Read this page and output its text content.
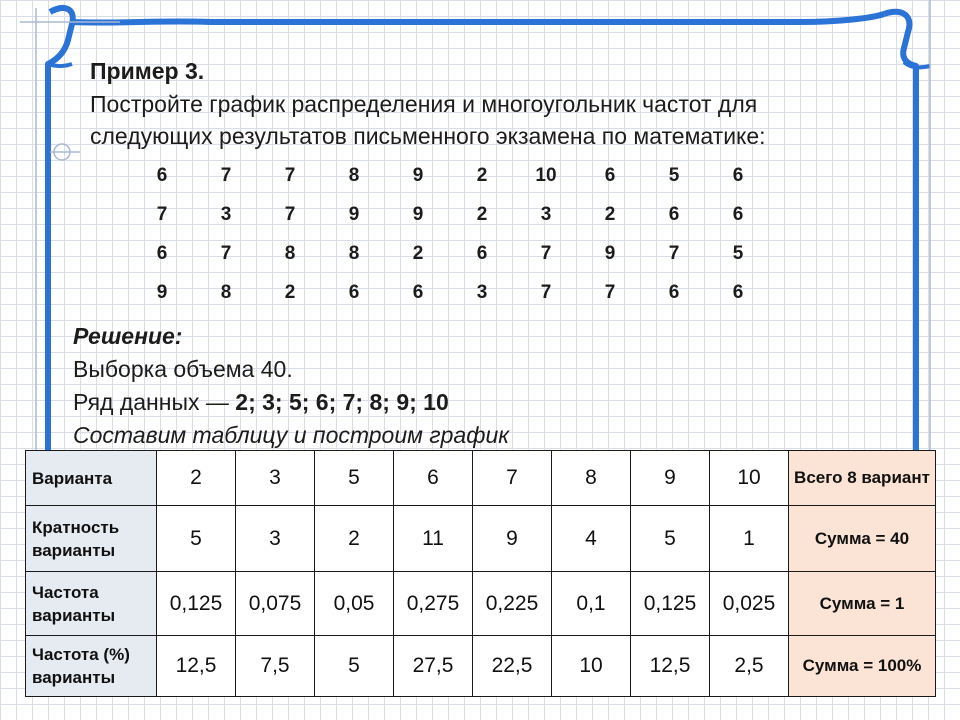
Пример 3.

Постройте график распределения и многоугольник частот для следующих результатов письменного экзамена по математике:

6	7	7	8	9	2	10	6	5	6
7	3	7	9	9	2	3	2	6	6
6	7	8	8	2	6	7	9	7	5
9	8	2	6	6	3	7	7	6	6
Решение:
Выборка объема 40.
Ряд данных — 2; 3; 5; 6; 7; 8; 9; 10
Составим таблицу и построим график
Варианта	2	3	5	6	7	8	9	10	Всего 8 вариант
Кратность варианты	5	3	2	11	9	4	5	1	Сумма = 40
Частота варианты	0,125	0,075	0,05	0,275	0,225	0,1	0,125	0,025	Сумма = 1
Частота (%) варианты	12,5	7,5	5	27,5	22,5	10	12,5	2,5	Сумма = 100%
